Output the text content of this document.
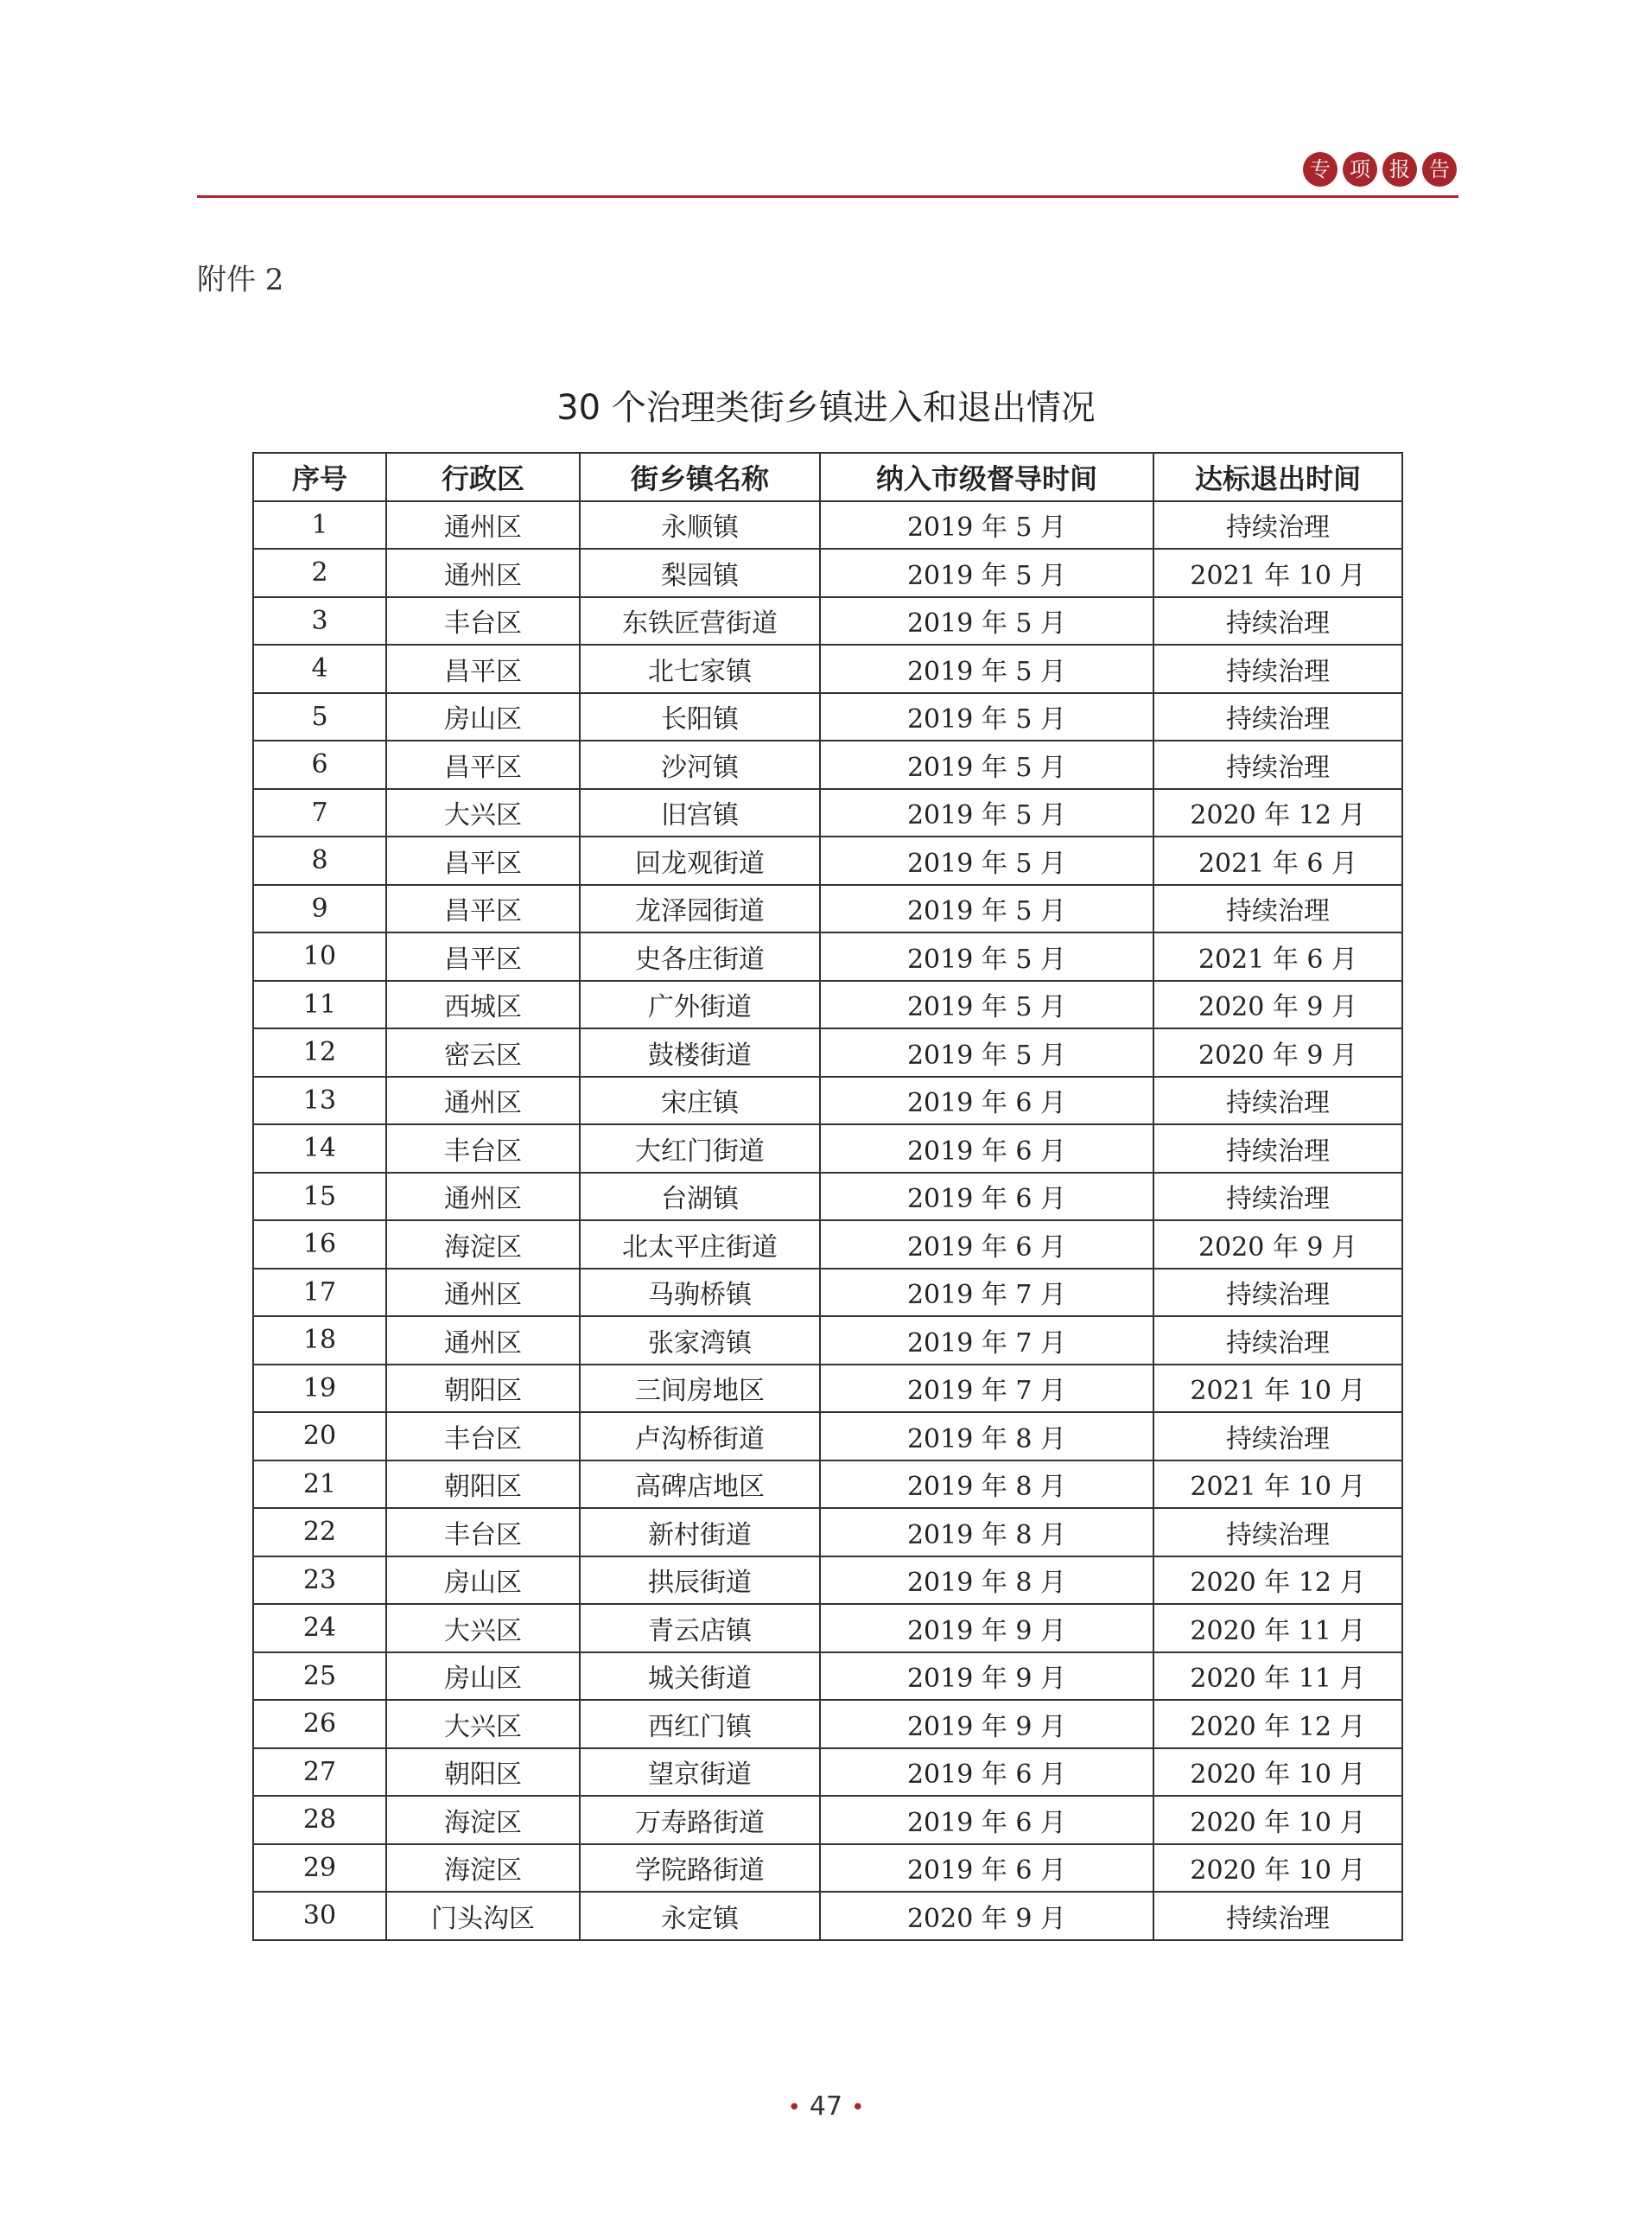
专 项 报 告
附件 2
30 个治理类街乡镇进入和退出情况
序号	行政区	街乡镇名称	纳入市级督导时间	达标退出时间
1	通州区	永顺镇	2019 年 5 月	持续治理
2	通州区	梨园镇	2019 年 5 月	2021 年 10 月
3	丰台区	东铁匠营街道	2019 年 5 月	持续治理
4	昌平区	北七家镇	2019 年 5 月	持续治理
5	房山区	长阳镇	2019 年 5 月	持续治理
6	昌平区	沙河镇	2019 年 5 月	持续治理
7	大兴区	旧宫镇	2019 年 5 月	2020 年 12 月
8	昌平区	回龙观街道	2019 年 5 月	2021 年 6 月
9	昌平区	龙泽园街道	2019 年 5 月	持续治理
10	昌平区	史各庄街道	2019 年 5 月	2021 年 6 月
11	西城区	广外街道	2019 年 5 月	2020 年 9 月
12	密云区	鼓楼街道	2019 年 5 月	2020 年 9 月
13	通州区	宋庄镇	2019 年 6 月	持续治理
14	丰台区	大红门街道	2019 年 6 月	持续治理
15	通州区	台湖镇	2019 年 6 月	持续治理
16	海淀区	北太平庄街道	2019 年 6 月	2020 年 9 月
17	通州区	马驹桥镇	2019 年 7 月	持续治理
18	通州区	张家湾镇	2019 年 7 月	持续治理
19	朝阳区	三间房地区	2019 年 7 月	2021 年 10 月
20	丰台区	卢沟桥街道	2019 年 8 月	持续治理
21	朝阳区	高碑店地区	2019 年 8 月	2021 年 10 月
22	丰台区	新村街道	2019 年 8 月	持续治理
23	房山区	拱辰街道	2019 年 8 月	2020 年 12 月
24	大兴区	青云店镇	2019 年 9 月	2020 年 11 月
25	房山区	城关街道	2019 年 9 月	2020 年 11 月
26	大兴区	西红门镇	2019 年 9 月	2020 年 12 月
27	朝阳区	望京街道	2019 年 6 月	2020 年 10 月
28	海淀区	万寿路街道	2019 年 6 月	2020 年 10 月
29	海淀区	学院路街道	2019 年 6 月	2020 年 10 月
30	门头沟区	永定镇	2020 年 9 月	持续治理
• 47 •
